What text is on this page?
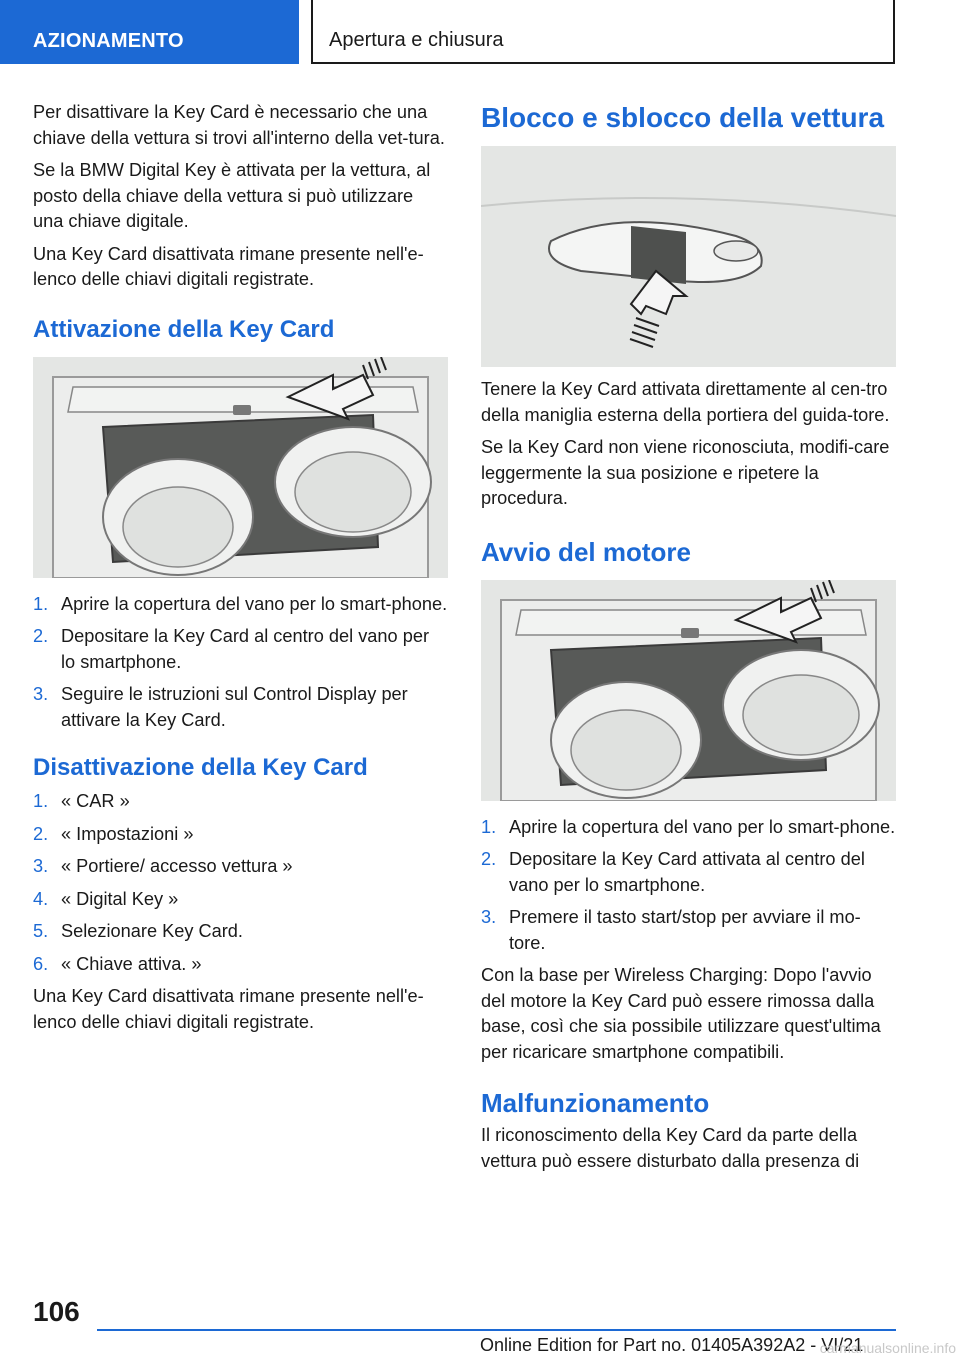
AZIONAMENTO	Apertura e chiusura

Per disattivare la Key Card è necessario che una chiave della vettura si trovi all'interno della vet-tura.

Se la BMW Digital Key è attivata per la vettura, al posto della chiave della vettura si può utilizzare una chiave digitale.

Una Key Card disattivata rimane presente nell'e-lenco delle chiavi digitali registrate.

Attivazione della Key Card
1. Aprire la copertura del vano per lo smart-phone.
2. Depositare la Key Card al centro del vano per lo smartphone.
3. Seguire le istruzioni sul Control Display per attivare la Key Card.
Disattivazione della Key Card
1. « CAR »
2. « Impostazioni »
3. « Portiere/ accesso vettura »
4. « Digital Key »
5. Selezionare Key Card.
6. « Chiave attiva. »

Una Key Card disattivata rimane presente nell'e-lenco delle chiavi digitali registrate.

Blocco e sblocco della vettura

Tenere la Key Card attivata direttamente al cen-tro della maniglia esterna della portiera del guida-tore.

Se la Key Card non viene riconosciuta, modifi-care leggermente la sua posizione e ripetere la procedura.

Avvio del motore
1. Aprire la copertura del vano per lo smart-phone.
2. Depositare la Key Card attivata al centro del vano per lo smartphone.
3. Premere il tasto start/stop per avviare il mo-tore.

Con la base per Wireless Charging: Dopo l'avvio del motore la Key Card può essere rimossa dalla base, così che sia possibile utilizzare quest'ultima per ricaricare smartphone compatibili.

Malfunzionamento

Il riconoscimento della Key Card da parte della vettura può essere disturbato dalla presenza di

106
Online Edition for Part no. 01405A392A2 - VI/21
carmanualsonline.info
